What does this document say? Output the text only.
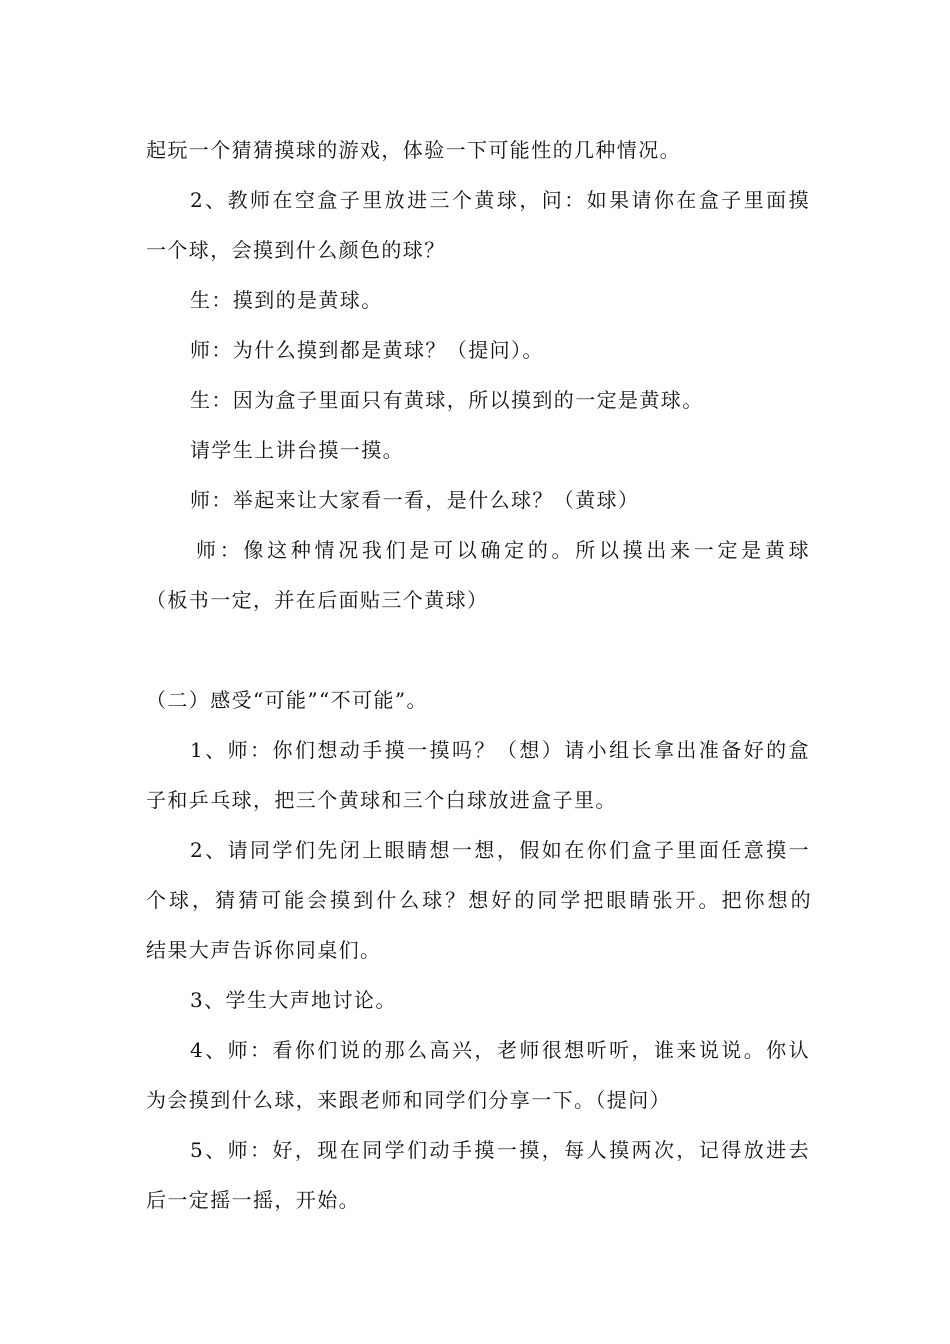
起玩一个猜猜摸球的游戏，体验一下可能性的几种情况。
2、教师在空盒子里放进三个黄球，问：如果请你在盒子里面摸
一个球，会摸到什么颜色的球？
生：摸到的是黄球。
师：为什么摸到都是黄球？（提问）。
生：因为盒子里面只有黄球，所以摸到的一定是黄球。
请学生上讲台摸一摸。
师：举起来让大家看一看，是什么球？（黄球）
师：像这种情况我们是可以确定的。所以摸出来一定是黄球
（板书一定，并在后面贴三个黄球）
（二）感受“可能”“不可能”。
1、师：你们想动手摸一摸吗？（想）请小组长拿出准备好的盒
子和乒乓球，把三个黄球和三个白球放进盒子里。
2、请同学们先闭上眼睛想一想，假如在你们盒子里面任意摸一
个球，猜猜可能会摸到什么球？想好的同学把眼睛张开。把你想的
结果大声告诉你同桌们。
3、学生大声地讨论。
4、师：看你们说的那么高兴，老师很想听听，谁来说说。你认
为会摸到什么球，来跟老师和同学们分享一下。（提问）
5、师：好，现在同学们动手摸一摸，每人摸两次，记得放进去
后一定摇一摇，开始。
